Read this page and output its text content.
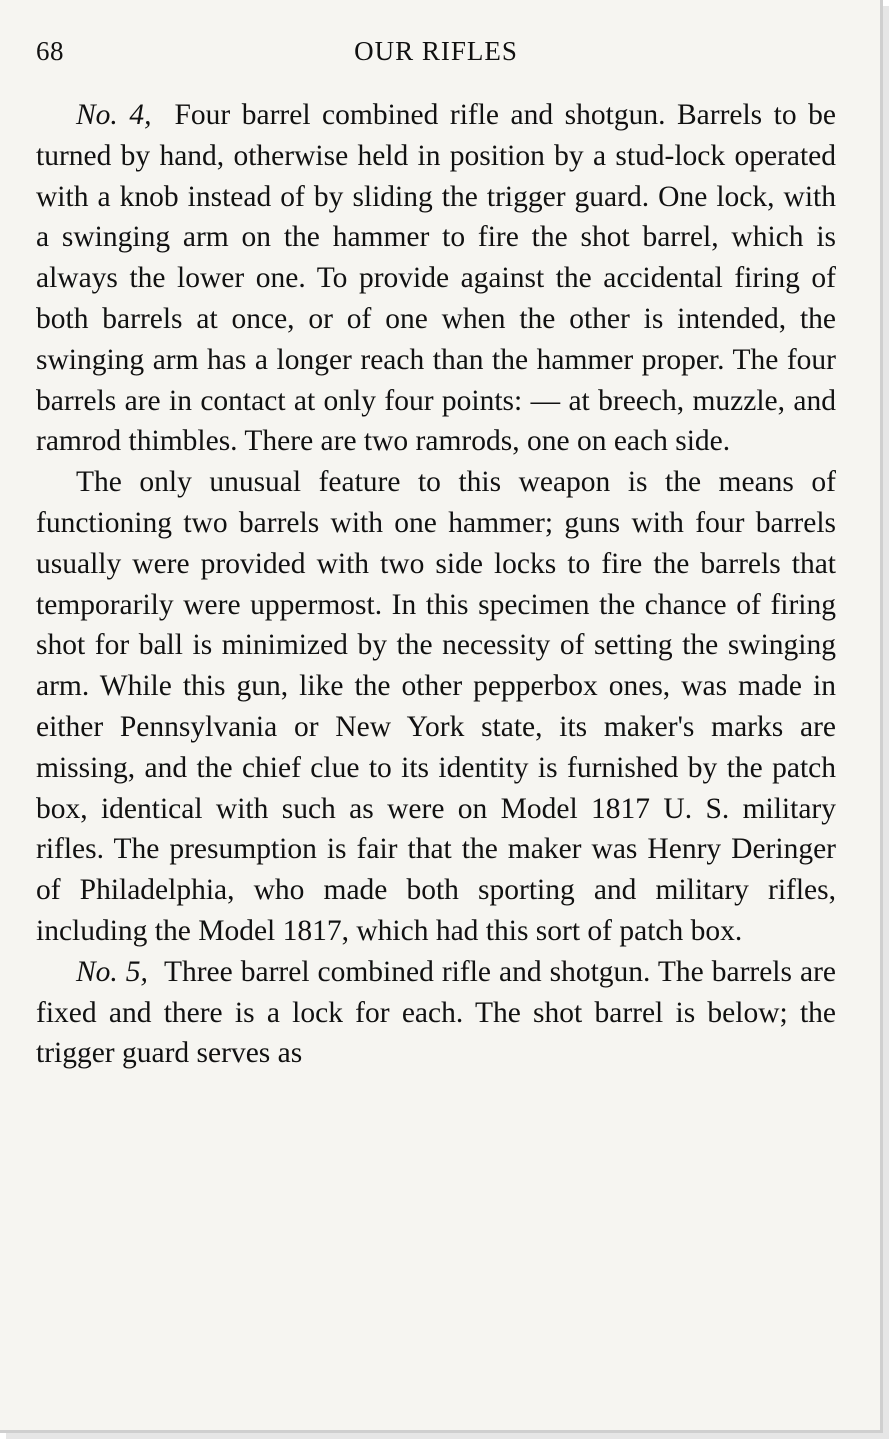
68	OUR RIFLES

No. 4, Four barrel combined rifle and shotgun. Barrels to be turned by hand, otherwise held in position by a stud-lock operated with a knob instead of by sliding the trigger guard. One lock, with a swinging arm on the hammer to fire the shot barrel, which is always the lower one. To provide against the accidental firing of both barrels at once, or of one when the other is intended, the swinging arm has a longer reach than the hammer proper. The four barrels are in contact at only four points: — at breech, muzzle, and ramrod thimbles. There are two ramrods, one on each side.

The only unusual feature to this weapon is the means of functioning two barrels with one hammer; guns with four barrels usually were provided with two side locks to fire the barrels that temporarily were uppermost. In this specimen the chance of firing shot for ball is minimized by the necessity of setting the swinging arm. While this gun, like the other pepperbox ones, was made in either Pennsylvania or New York state, its maker's marks are missing, and the chief clue to its identity is furnished by the patch box, identical with such as were on Model 1817 U. S. military rifles. The presumption is fair that the maker was Henry Deringer of Philadelphia, who made both sporting and military rifles, including the Model 1817, which had this sort of patch box.

No. 5, Three barrel combined rifle and shotgun. The barrels are fixed and there is a lock for each. The shot barrel is below; the trigger guard serves as
